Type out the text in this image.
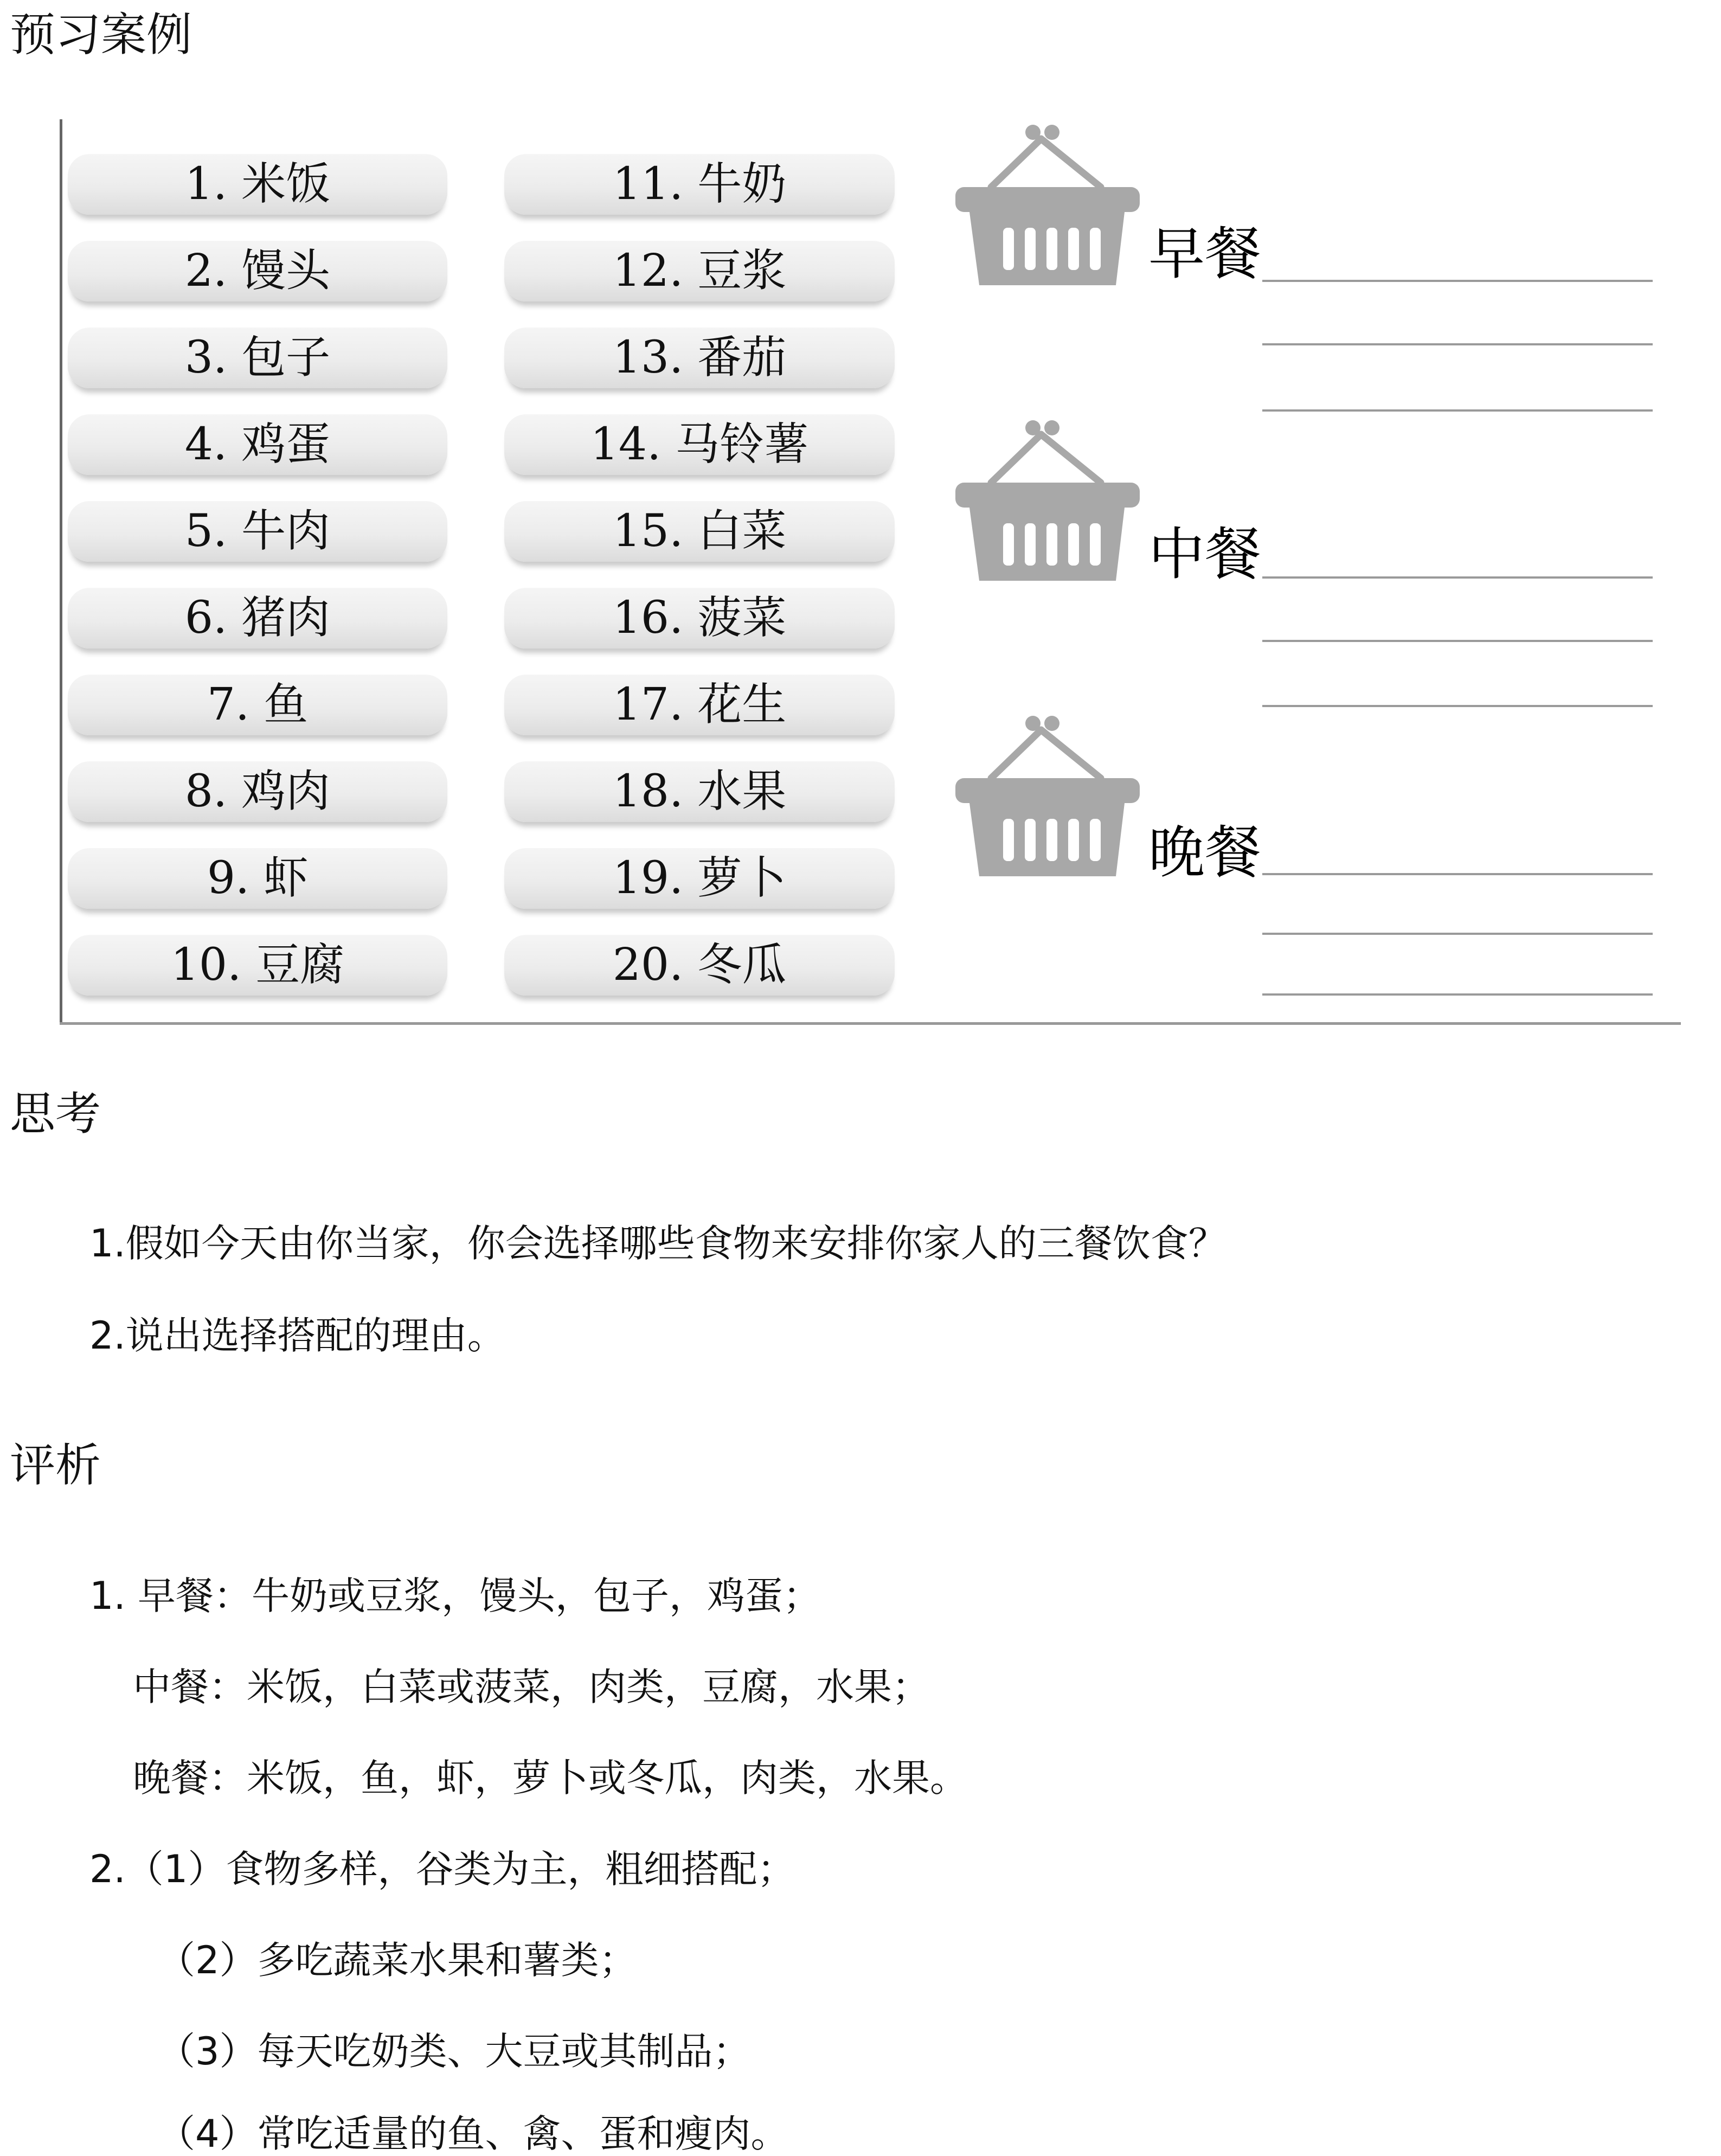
预习案例
1. 米饭
2. 馒头
3. 包子
4. 鸡蛋
5. 牛肉
6. 猪肉
7. 鱼
8. 鸡肉
9. 虾
10. 豆腐
11. 牛奶
12. 豆浆
13. 番茄
14. 马铃薯
15. 白菜
16. 菠菜
17. 花生
18. 水果
19. 萝卜
20. 冬瓜
早餐
中餐
晚餐
思考
1.假如今天由你当家，你会选择哪些食物来安排你家人的三餐饮食？
2.说出选择搭配的理由。
评析
1. 早餐：牛奶或豆浆，馒头，包子，鸡蛋；
中餐：米饭，白菜或菠菜，肉类，豆腐，水果；
晚餐：米饭，鱼，虾，萝卜或冬瓜，肉类，水果。
2.（1）食物多样，谷类为主，粗细搭配；
（2）多吃蔬菜水果和薯类；
（3）每天吃奶类、大豆或其制品；
（4）常吃适量的鱼、禽、蛋和瘦肉。
